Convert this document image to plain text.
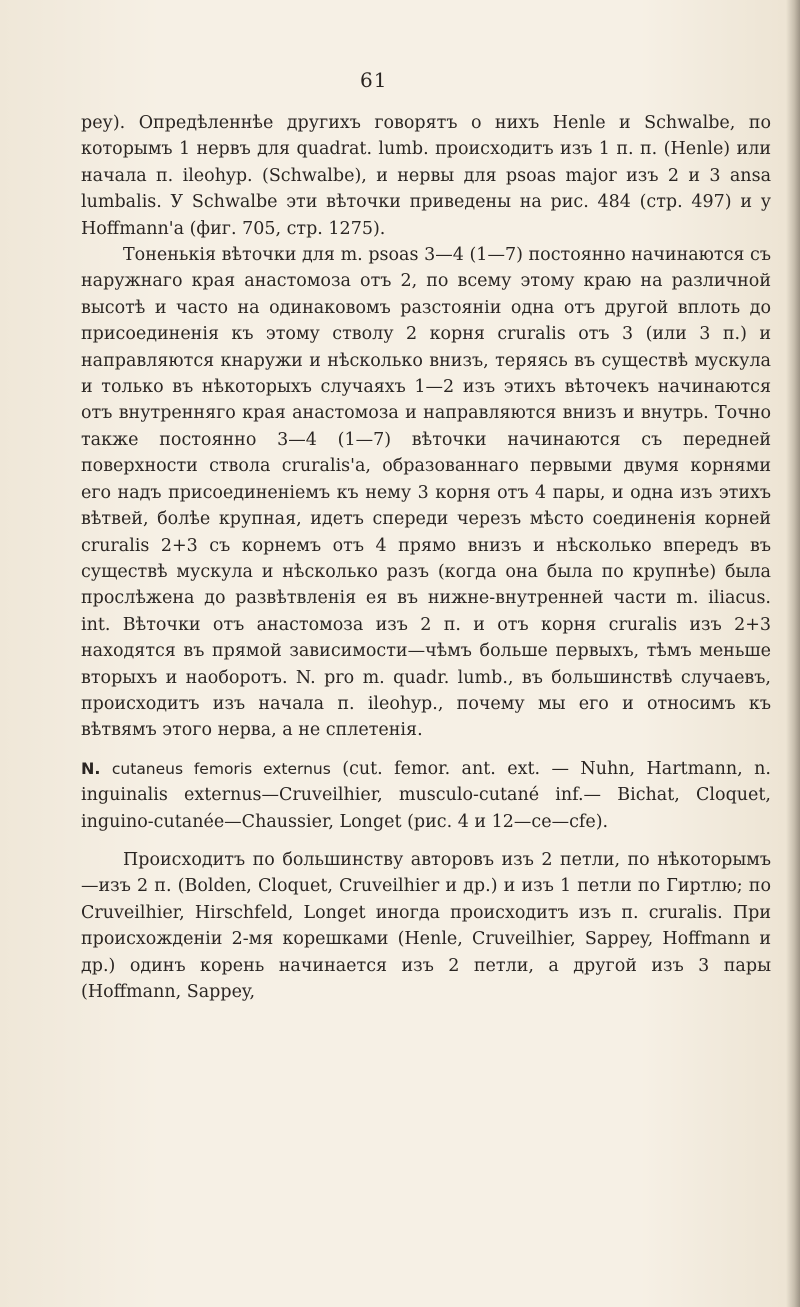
61

реу). Опредѣленнѣе другихъ говорятъ о нихъ Henle и Schwalbe, по которымъ 1 нервъ для quadrat. lumb. происходитъ изъ 1 п. п. (Henle) или начала п. ileohyp. (Schwalbe), и нервы для psoas major изъ 2 и 3 ansa lumbalis. У Schwalbe эти вѣточки приведены на рис. 484 (стр. 497) и у Hoffmann'а (фиг. 705, стр. 1275).

Тоненькія вѣточки для m. psoas 3—4 (1—7) постоянно начинаются съ наружнаго края анастомоза отъ 2, по всему этому краю на различной высотѣ и часто на одинаковомъ разстояніи одна отъ другой вплоть до присоединенія къ этому стволу 2 корня cruralis отъ 3 (или 3 п.) и направляются кнаружи и нѣсколько внизъ, теряясь въ существѣ мускула и только въ нѣкоторыхъ случаяхъ 1—2 изъ этихъ вѣточекъ начинаются отъ внутренняго края анастомоза и направляются внизъ и внутрь. Точно также постоянно 3—4 (1—7) вѣточки начинаются съ передней поверхности ствола cruralis'а, образованнаго первыми двумя корнями его надъ присоединеніемъ къ нему 3 корня отъ 4 пары, и одна изъ этихъ вѣтвей, болѣе крупная, идетъ спереди черезъ мѣсто соединенія корней cruralis 2+3 съ корнемъ отъ 4 прямо внизъ и нѣсколько впередъ въ существѣ мускула и нѣсколько разъ (когда она была по крупнѣе) была прослѣжена до развѣтвленія ея въ нижне-внутренней части m. iliacus. int. Вѣточки отъ анастомоза изъ 2 п. и отъ корня cruralis изъ 2+3 находятся въ прямой зависимости—чѣмъ больше первыхъ, тѣмъ меньше вторыхъ и наоборотъ. N. pro m. quadr. lumb., въ большинствѣ случаевъ, происходитъ изъ начала п. ileohyp., почему мы его и относимъ къ вѣтвямъ этого нерва, а не сплетенія.

N. cutaneus femoris externus (cut. femor. ant. ext. — Nuhn, Hartmann, n. inguinalis externus—Cruveilhier, musculo-cutané inf.— Bichat, Cloquet, inguino-cutanée—Chaussier, Longet (рис. 4 и 12—ce—cfe).

Происходитъ по большинству авторовъ изъ 2 петли, по нѣкоторымъ—изъ 2 п. (Bolden, Cloquet, Cruveilhier и др.) и изъ 1 петли по Гиртлю; по Cruveilhier, Hirschfeld, Longet иногда происходитъ изъ п. cruralis. При происхожденіи 2-мя корешками (Henle, Cruveilhier, Sappey, Hoffmann и др.) одинъ корень начинается изъ 2 петли, а другой изъ 3 пары (Hoffmann, Sappey,
